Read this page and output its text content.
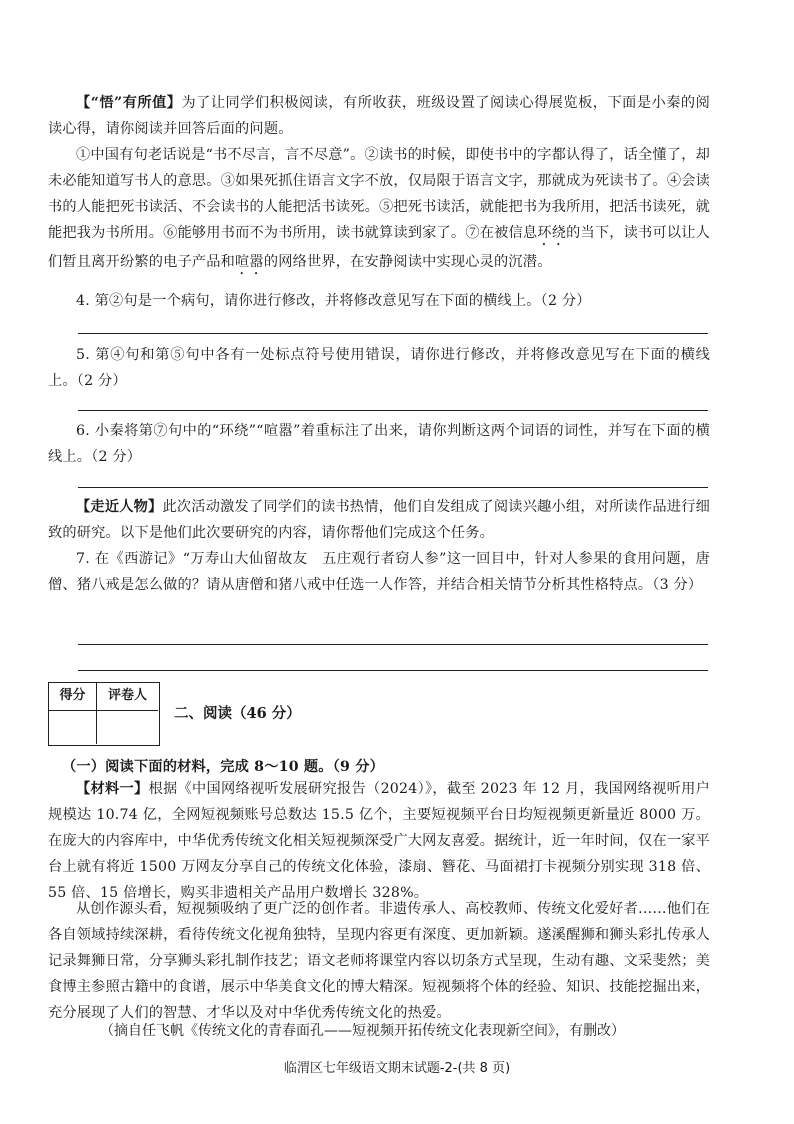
【“悟”有所值】为了让同学们积极阅读，有所收获，班级设置了阅读心得展览板，下面是小秦的阅读心得，请你阅读并回答后面的问题。

①中国有句老话说是“书不尽言，言不尽意”。②读书的时候，即使书中的字都认得了，话全懂了，却未必能知道写书人的意思。③如果死抓住语言文字不放，仅局限于语言文字，那就成为死读书了。④会读书的人能把死书读活、不会读书的人能把活书读死。⑤把死书读活，就能把书为我所用，把活书读死，就能把我为书所用。⑥能够用书而不为书所用，读书就算读到家了。⑦在被信息环绕的当下，读书可以让人们暂且离开纷繁的电子产品和喧嚣的网络世界，在安静阅读中实现心灵的沉潜。

4. 第②句是一个病句，请你进行修改，并将修改意见写在下面的横线上。（2 分）

5. 第④句和第⑤句中各有一处标点符号使用错误，请你进行修改，并将修改意见写在下面的横线上。（2 分）

6. 小秦将第⑦句中的“环绕”“喧嚣”着重标注了出来，请你判断这两个词语的词性，并写在下面的横线上。（2 分）

【走近人物】此次活动激发了同学们的读书热情，他们自发组成了阅读兴趣小组，对所读作品进行细致的研究。以下是他们此次要研究的内容，请你帮他们完成这个任务。

7. 在《西游记》“万寿山大仙留故友　五庄观行者窃人参”这一回目中，针对人参果的食用问题，唐僧、猪八戒是怎么做的？请从唐僧和猪八戒中任选一人作答，并结合相关情节分析其性格特点。（3 分）

得分	评卷人
二、阅读（46 分）

（一）阅读下面的材料，完成 8～10 题。（9 分）

【材料一】根据《中国网络视听发展研究报告（2024）》，截至 2023 年 12 月，我国网络视听用户规模达 10.74 亿，全网短视频账号总数达 15.5 亿个，主要短视频平台日均短视频更新量近 8000 万。在庞大的内容库中，中华优秀传统文化相关短视频深受广大网友喜爱。据统计，近一年时间，仅在一家平台上就有将近 1500 万网友分享自己的传统文化体验，漆扇、簪花、马面裙打卡视频分别实现 318 倍、55 倍、15 倍增长，购买非遗相关产品用户数增长 328%。

从创作源头看，短视频吸纳了更广泛的创作者。非遗传承人、高校教师、传统文化爱好者……他们在各自领域持续深耕，看待传统文化视角独特，呈现内容更有深度、更加新颖。遂溪醒狮和狮头彩扎传承人记录舞狮日常，分享狮头彩扎制作技艺；语文老师将课堂内容以切条方式呈现，生动有趣、文采斐然；美食博主参照古籍中的食谱，展示中华美食文化的博大精深。短视频将个体的经验、知识、技能挖掘出来，充分展现了人们的智慧、才华以及对中华优秀传统文化的热爱。

（摘自任飞帆《传统文化的青春面孔——短视频开拓传统文化表现新空间》，有删改）
临渭区七年级语文期末试题-2-(共 8 页)
